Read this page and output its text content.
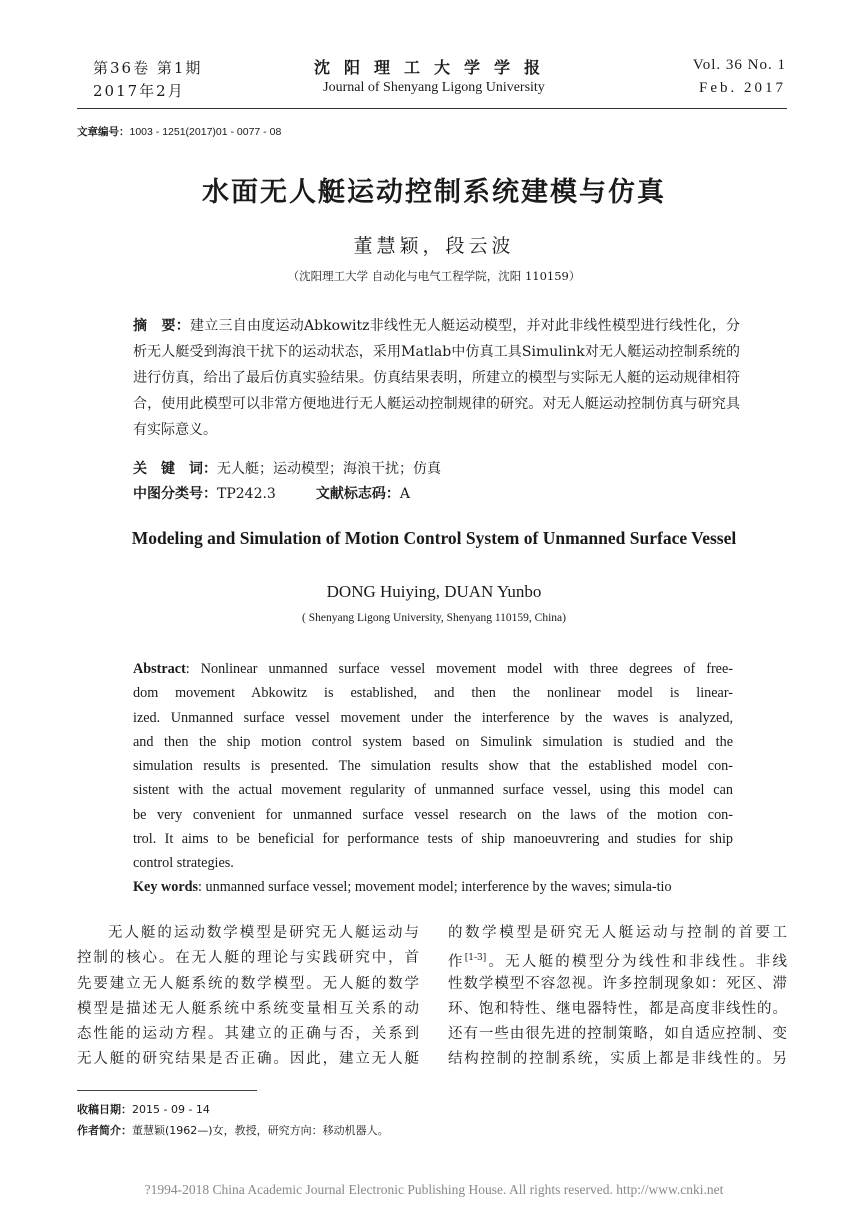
第36卷 第1期
2017年2月
沈阳理工大学学报
Journal of Shenyang Ligong University
Vol. 36 No. 1
Feb. 2017
文章编号：1003 - 1251(2017)01 - 0077 - 08
水面无人艇运动控制系统建模与仿真
董慧颖，段云波
（沈阳理工大学 自动化与电气工程学院，沈阳 110159）
摘　要：建立三自由度运动Abkowitz非线性无人艇运动模型，并对此非线性模型进行线性化，分析无人艇受到海浪干扰下的运动状态，采用Matlab中仿真工具Simulink对无人艇运动控制系统的进行仿真，给出了最后仿真实验结果。仿真结果表明，所建立的模型与实际无人艇的运动规律相符合，使用此模型可以非常方便地进行无人艇运动控制规律的研究。对无人艇运动控制仿真与研究具有实际意义。
关　键　词：无人艇；运动模型；海浪干扰；仿真
中图分类号：TP242.3	文献标志码：A
Modeling and Simulation of Motion Control System of Unmanned Surface Vessel
DONG Huiying, DUAN Yunbo
( Shenyang Ligong University, Shenyang 110159, China)
Abstract: Nonlinear unmanned surface vessel movement model with three degrees of free-
dom movement Abkowitz is established, and then the nonlinear model is linear-
ized. Unmanned surface vessel movement under the interference by the waves is analyzed,
and then the ship motion control system based on Simulink simulation is studied and the
simulation results is presented. The simulation results show that the established model con-
sistent with the actual movement regularity of unmanned surface vessel, using this model can
be very convenient for unmanned surface vessel research on the laws of the motion con-
trol. It aims to be beneficial for performance tests of ship manoeuvrering and studies for ship
control strategies.
Key words: unmanned surface vessel; movement model; interference by the waves; simula-tio
无人艇的运动数学模型是研究无人艇运动与
控制的核心。在无人艇的理论与实践研究中，首
先要建立无人艇系统的数学模型。无人艇的数学
模型是描述无人艇系统中系统变量相互关系的动
态性能的运动方程。其建立的正确与否，关系到
无人艇的研究结果是否正确。因此，建立无人艇
的数学模型是研究无人艇运动与控制的首要工
作[1-3]。无人艇的模型分为线性和非线性。非线
性数学模型不容忽视。许多控制现象如：死区、滞
环、饱和特性、继电器特性，都是高度非线性的。
还有一些由很先进的控制策略，如自适应控制、变
结构控制的控制系统，实质上都是非线性的。另
收稿日期：2015 - 09 - 14
作者简介：董慧颖(1962—)女，教授，研究方向：移动机器人。
?1994-2018 China Academic Journal Electronic Publishing House. All rights reserved. http://www.cnki.net
